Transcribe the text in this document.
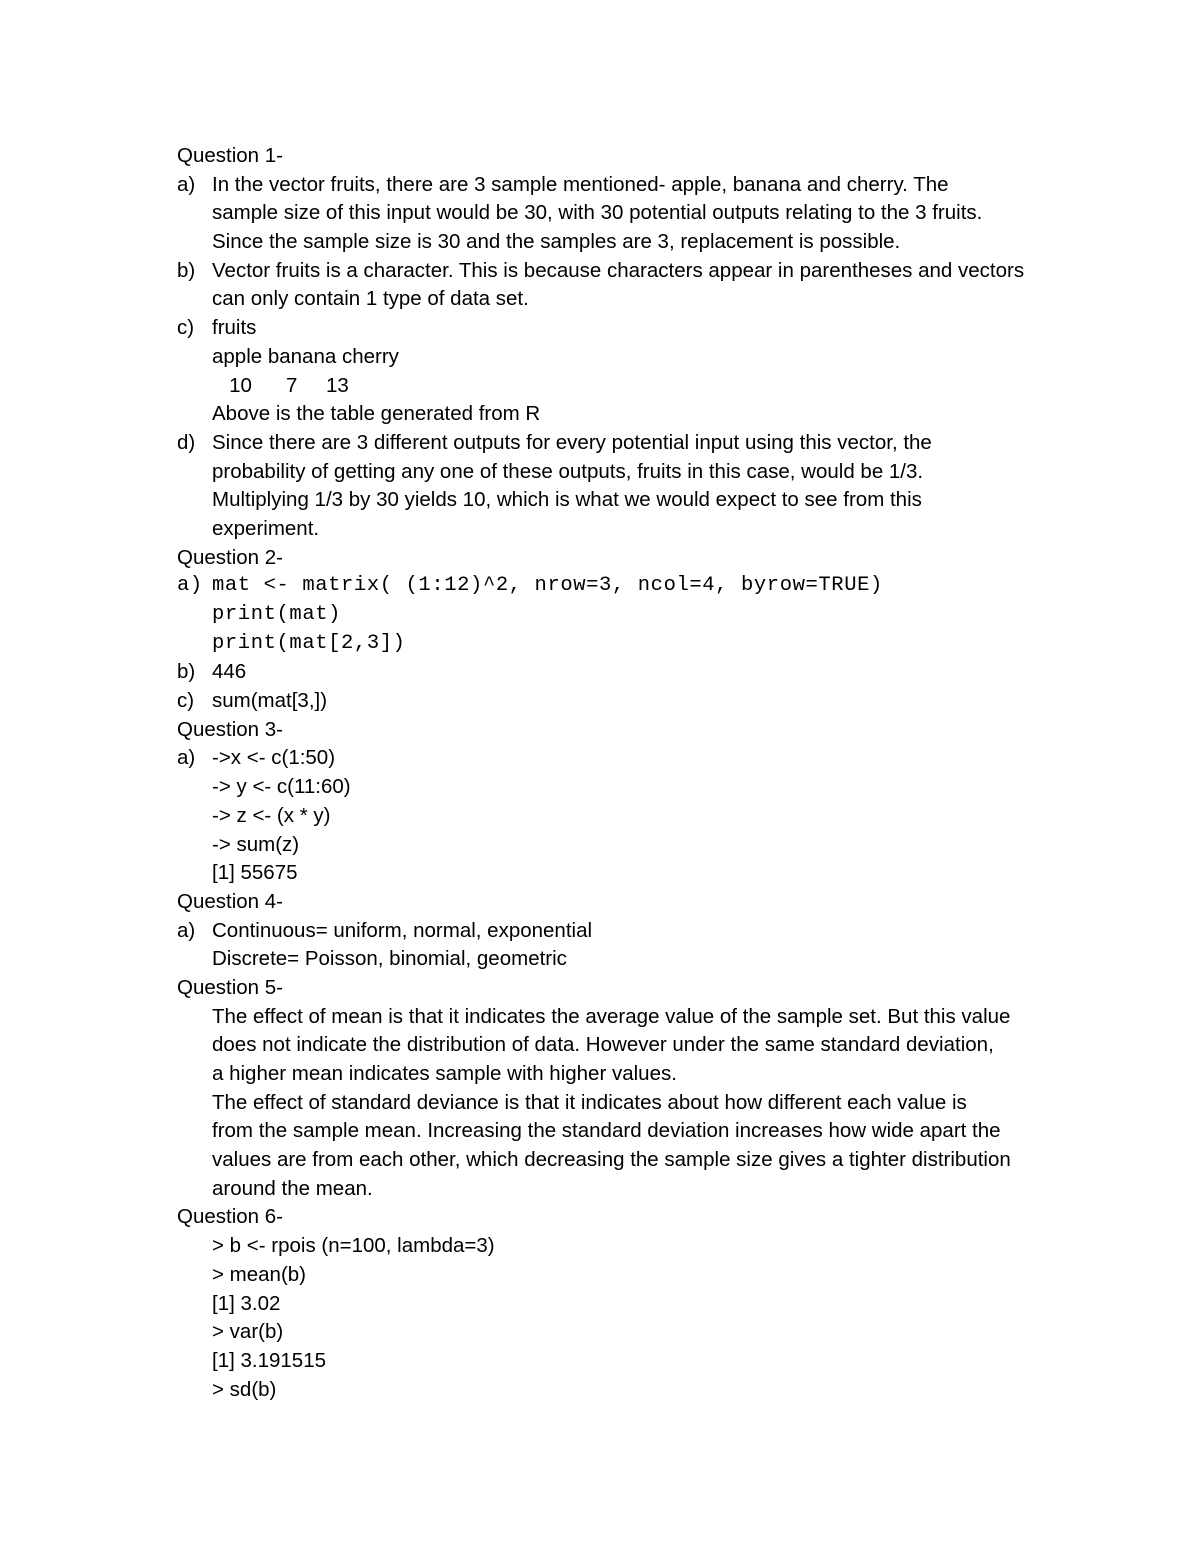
Question 1-
a) In the vector fruits, there are 3 sample mentioned- apple, banana and cherry. The
sample size of this input would be 30, with 30 potential outputs relating to the 3 fruits.
Since the sample size is 30 and the samples are 3, replacement is possible.
b) Vector fruits is a character. This is because characters appear in parentheses and vectors
can only contain 1 type of data set.
c) fruits
apple banana cherry
10      7     13
Above is the table generated from R
d) Since there are 3 different outputs for every potential input using this vector, the
probability of getting any one of these outputs, fruits in this case, would be 1/3.
Multiplying 1/3 by 30 yields 10, which is what we would expect to see from this
experiment.
Question 2-
a) mat <- matrix( (1:12)^2, nrow=3, ncol=4, byrow=TRUE)
print(mat)
print(mat[2,3])
b) 446
c) sum(mat[3,])
Question 3-
a) ->x <- c(1:50)
-> y <- c(11:60)
-> z <- (x * y)
-> sum(z)
[1] 55675
Question 4-
a) Continuous= uniform, normal, exponential
Discrete= Poisson, binomial, geometric
Question 5-
The effect of mean is that it indicates the average value of the sample set. But this value
does not indicate the distribution of data. However under the same standard deviation,
a higher mean indicates sample with higher values.
The effect of standard deviance is that it indicates about how different each value is
from the sample mean. Increasing the standard deviation increases how wide apart the
values are from each other, which decreasing the sample size gives a tighter distribution
around the mean.
Question 6-
> b <- rpois (n=100, lambda=3)
> mean(b)
[1] 3.02
> var(b)
[1] 3.191515
> sd(b)
